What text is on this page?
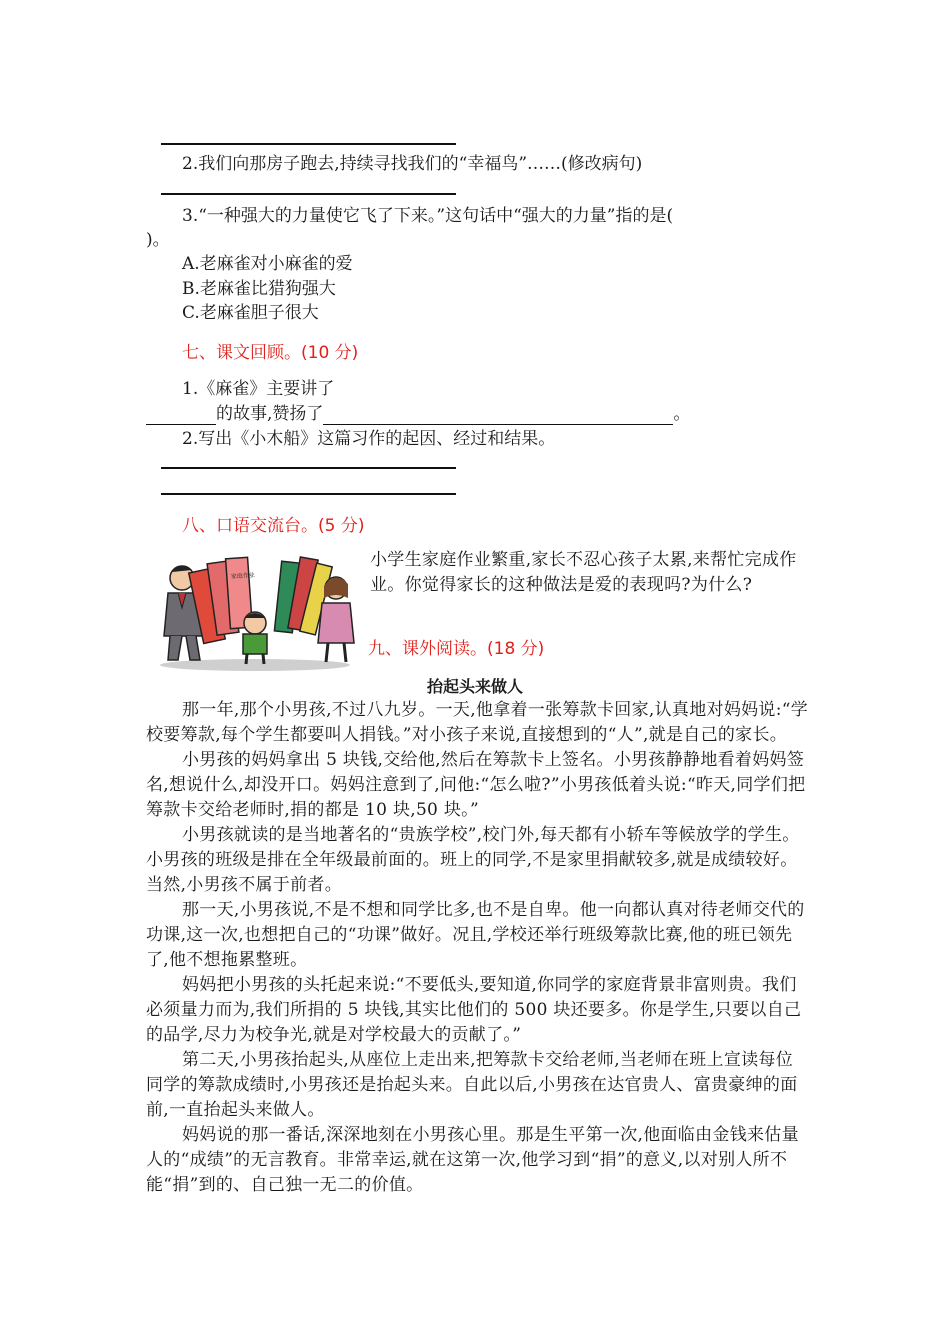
2.我们向那房子跑去,持续寻找我们的“幸福鸟”……(修改病句)
3.“一种强大的力量使它飞了下来。”这句话中“强大的力量”指的是(
)。
A.老麻雀对小麻雀的爱
B.老麻雀比猎狗强大
C.老麻雀胆子很大
七、课文回顾。(10 分)
1.《麻雀》主要讲了
的故事,赞扬了	。
2.写出《小木船》这篇习作的起因、经过和结果。
八、口语交流台。(5 分)
家庭作业
小学生家庭作业繁重,家长不忍心孩子太累,来帮忙完成作业。你觉得家长的这种做法是爱的表现吗?为什么?
九、课外阅读。(18 分)
抬起头来做人

那一年,那个小男孩,不过八九岁。一天,他拿着一张筹款卡回家,认真地对妈妈说:“学校要筹款,每个学生都要叫人捐钱。”对小孩子来说,直接想到的“人”,就是自己的家长。

小男孩的妈妈拿出 5 块钱,交给他,然后在筹款卡上签名。小男孩静静地看着妈妈签名,想说什么,却没开口。妈妈注意到了,问他:“怎么啦?”小男孩低着头说:“昨天,同学们把筹款卡交给老师时,捐的都是 10 块,50 块。”

小男孩就读的是当地著名的“贵族学校”,校门外,每天都有小轿车等候放学的学生。小男孩的班级是排在全年级最前面的。班上的同学,不是家里捐献较多,就是成绩较好。当然,小男孩不属于前者。

那一天,小男孩说,不是不想和同学比多,也不是自卑。他一向都认真对待老师交代的功课,这一次,也想把自己的“功课”做好。况且,学校还举行班级筹款比赛,他的班已领先了,他不想拖累整班。

妈妈把小男孩的头托起来说:“不要低头,要知道,你同学的家庭背景非富则贵。我们必须量力而为,我们所捐的 5 块钱,其实比他们的 500 块还要多。你是学生,只要以自己的品学,尽力为校争光,就是对学校最大的贡献了。”

第二天,小男孩抬起头,从座位上走出来,把筹款卡交给老师,当老师在班上宣读每位同学的筹款成绩时,小男孩还是抬起头来。自此以后,小男孩在达官贵人、富贵豪绅的面前,一直抬起头来做人。

妈妈说的那一番话,深深地刻在小男孩心里。那是生平第一次,他面临由金钱来估量人的“成绩”的无言教育。非常幸运,就在这第一次,他学习到“捐”的意义,以对别人所不能“捐”到的、自己独一无二的价值。
